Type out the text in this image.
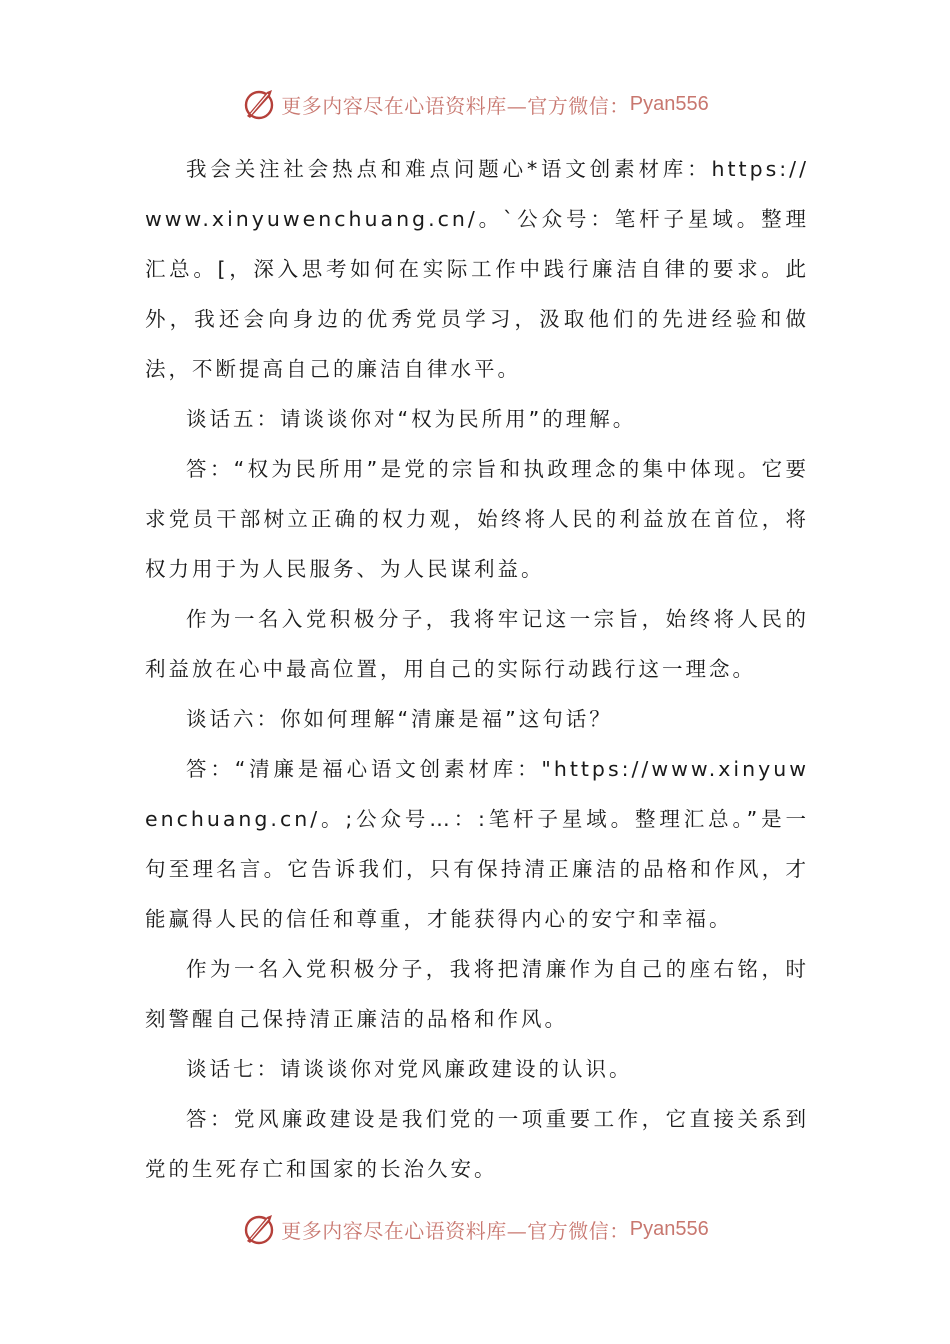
更多内容尽在心语资料库—官方微信： Pyan556

我会关注社会热点和难点问题心*语文创素材库：https://www.xinyuwenchuang.cn/。`公众号：笔杆子星域。整理汇总。[，深入思考如何在实际工作中践行廉洁自律的要求。此外，我还会向身边的优秀党员学习，汲取他们的先进经验和做法，不断提高自己的廉洁自律水平。

谈话五：请谈谈你对“权为民所用”的理解。

答：“权为民所用”是党的宗旨和执政理念的集中体现。它要求党员干部树立正确的权力观，始终将人民的利益放在首位，将权力用于为人民服务、为人民谋利益。

作为一名入党积极分子，我将牢记这一宗旨，始终将人民的利益放在心中最高位置，用自己的实际行动践行这一理念。

谈话六：你如何理解“清廉是福”这句话？

答：“清廉是福心语文创素材库："https://www.xinyuwenchuang.cn/。;公众号…：:笔杆子星域。整理汇总。”是一句至理名言。它告诉我们，只有保持清正廉洁的品格和作风，才能赢得人民的信任和尊重，才能获得内心的安宁和幸福。

作为一名入党积极分子，我将把清廉作为自己的座右铭，时刻警醒自己保持清正廉洁的品格和作风。

谈话七：请谈谈你对党风廉政建设的认识。

答：党风廉政建设是我们党的一项重要工作，它直接关系到党的生死存亡和国家的长治久安。

更多内容尽在心语资料库—官方微信： Pyan556
